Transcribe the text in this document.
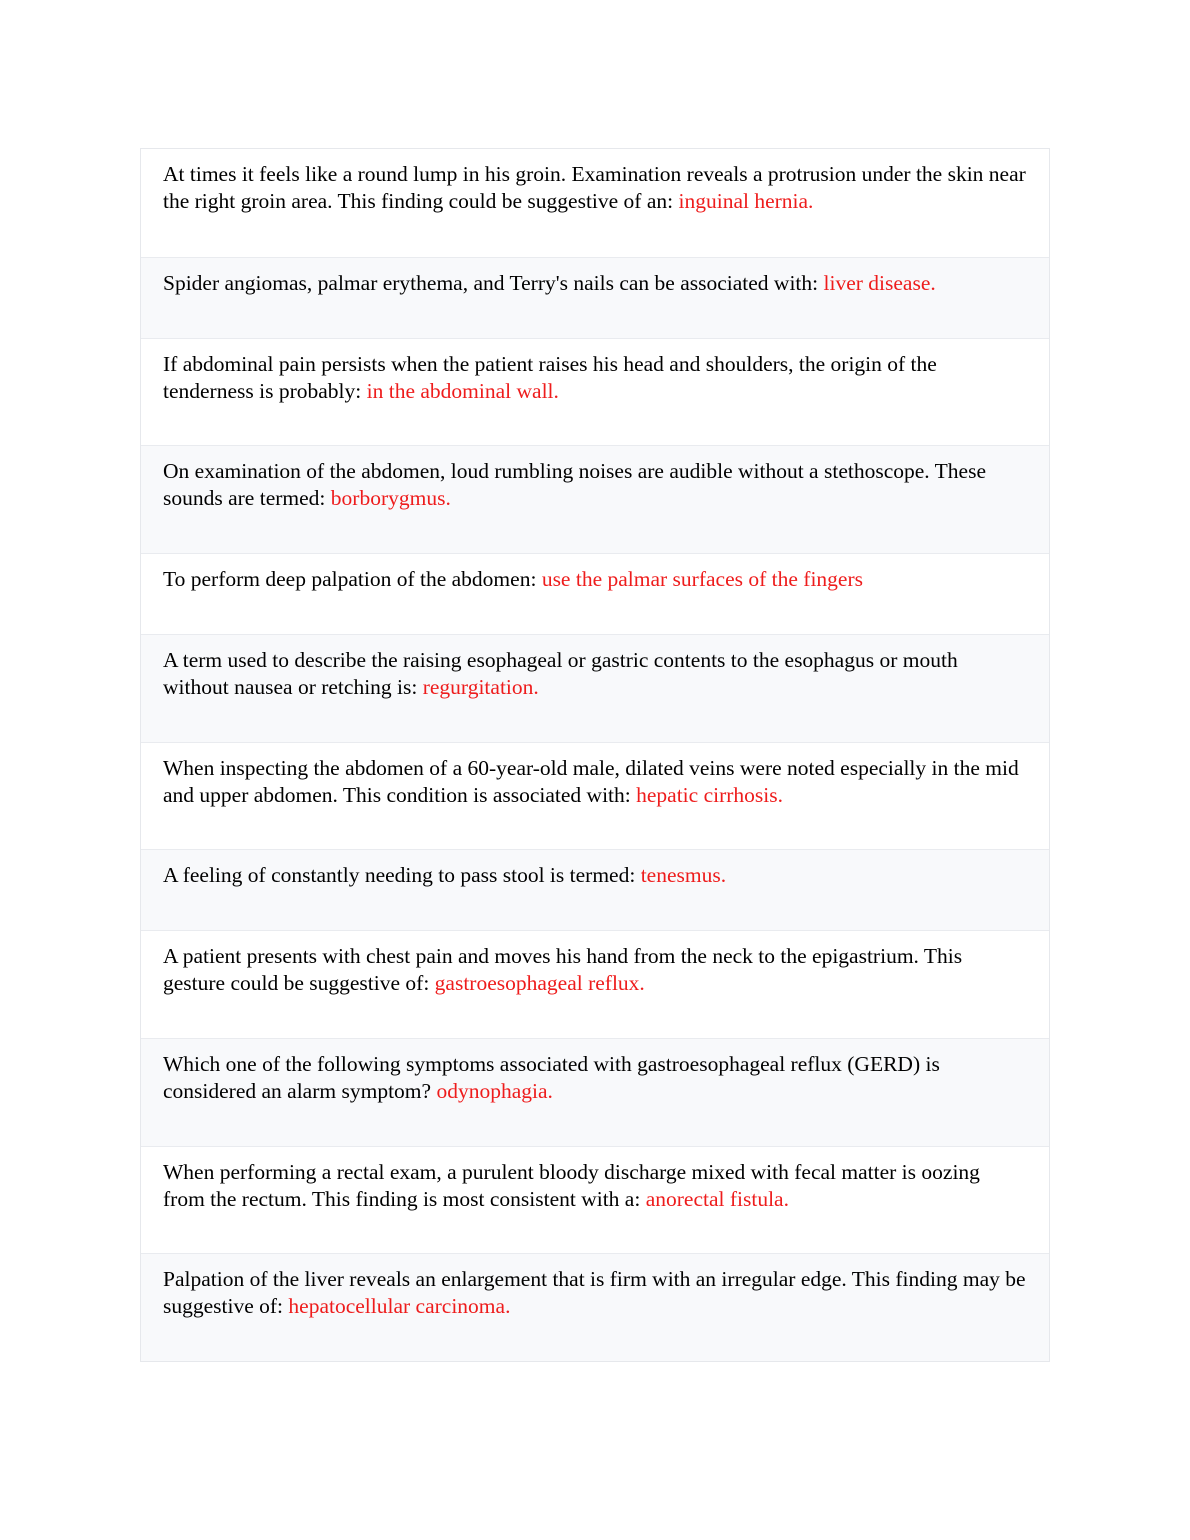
At times it feels like a round lump in his groin. Examination reveals a protrusion under the skin near the right groin area. This finding could be suggestive of an: inguinal hernia.
Spider angiomas, palmar erythema, and Terry's nails can be associated with: liver disease.
If abdominal pain persists when the patient raises his head and shoulders, the origin of the tenderness is probably: in the abdominal wall.
On examination of the abdomen, loud rumbling noises are audible without a stethoscope. These sounds are termed: borborygmus.
To perform deep palpation of the abdomen: use the palmar surfaces of the fingers
A term used to describe the raising esophageal or gastric contents to the esophagus or mouth without nausea or retching is: regurgitation.
When inspecting the abdomen of a 60-year-old male, dilated veins were noted especially in the mid and upper abdomen. This condition is associated with: hepatic cirrhosis.
A feeling of constantly needing to pass stool is termed: tenesmus.
A patient presents with chest pain and moves his hand from the neck to the epigastrium. This gesture could be suggestive of: gastroesophageal reflux.
Which one of the following symptoms associated with gastroesophageal reflux (GERD) is considered an alarm symptom? odynophagia.
When performing a rectal exam, a purulent bloody discharge mixed with fecal matter is oozing from the rectum. This finding is most consistent with a: anorectal fistula.
Palpation of the liver reveals an enlargement that is firm with an irregular edge. This finding may be suggestive of: hepatocellular carcinoma.
